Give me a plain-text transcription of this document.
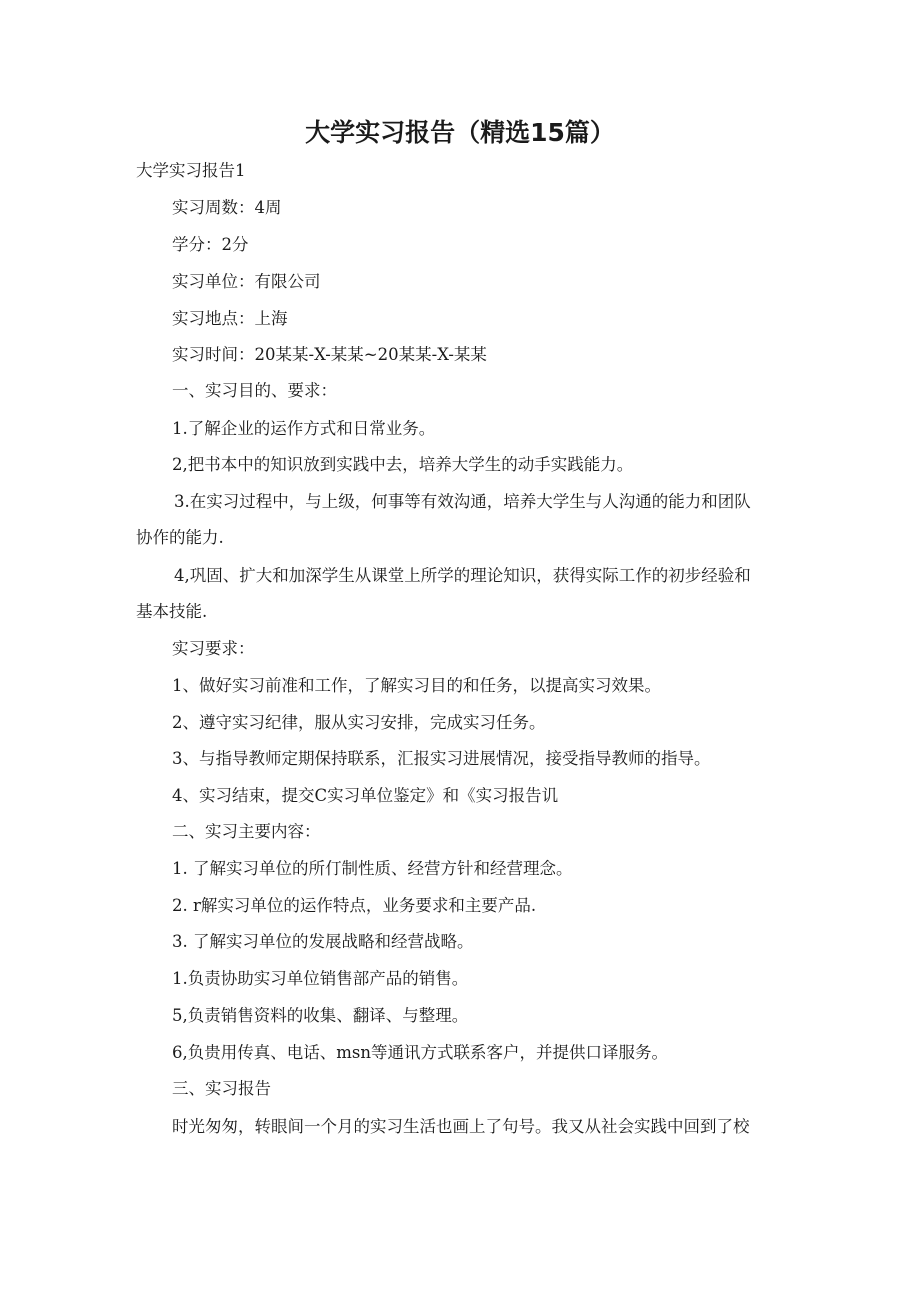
大学实习报告（精选15篇）
大学实习报告1
实习周数：4周
学分：2分
实习单位：有限公司
实习地点：上海
实习时间：20某某-X-某某~20某某-X-某某
一、实习目的、要求：
1.了解企业的运作方式和日常业务。
2,把书本中的知识放到实践中去，培养大学生的动手实践能力。
3.在实习过程中，与上级，何事等有效沟通，培养大学生与人沟通的能力和团队
协作的能力.
4,巩固、扩大和加深学生从课堂上所学的理论知识，获得实际工作的初步经验和
基本技能.
实习要求：
1、做好实习前准和工作，了解实习目的和任务，以提高实习效果。
2、遵守实习纪律，服从实习安排，完成实习任务。
3、与指导教师定期保持联系，汇报实习进展情况，接受指导教师的指导。
4、实习结束，提交C实习单位鉴定》和《实习报告讥
二、实习主要内容：
1. 了解实习单位的所仃制性质、经营方针和经营理念。
2. r解实习单位的运作特点，业务要求和主要产品.
3. 了解实习单位的发展战略和经营战略。
1.负责协助实习单位销售部产品的销售。
5,负责销售资料的收集、翻译、与整理。
6,负贵用传真、电话、msn等通讯方式联系客户，并提供口译服务。
三、实习报告
时光匆匆，转眼间一个月的实习生活也画上了句号。我又从社会实践中回到了校
